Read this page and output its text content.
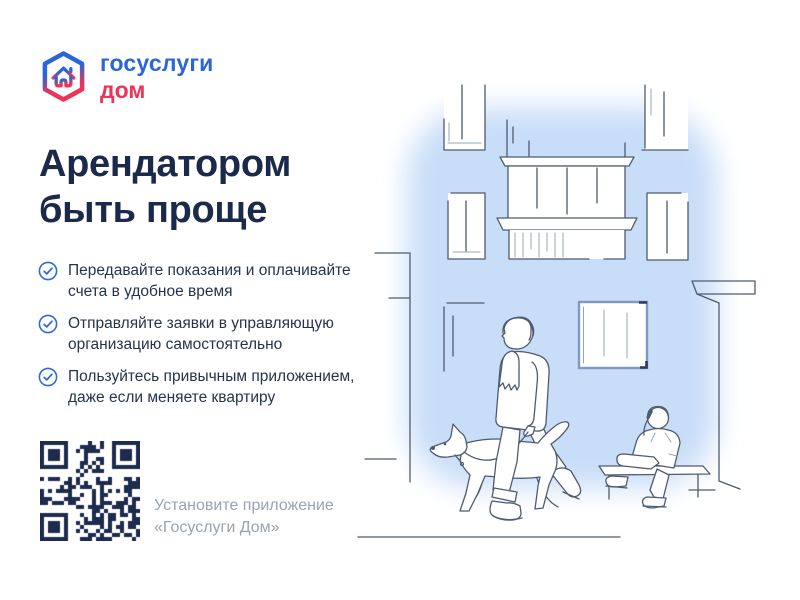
госуслуги
дом
Арендатором
быть проще
Передавайте показания и оплачивайте
счета в удобное время
Отправляйте заявки в управляющую
организацию самостоятельно
Пользуйтесь привычным приложением,
даже если меняете квартиру
Установите приложение
«Госуслуги Дом»
